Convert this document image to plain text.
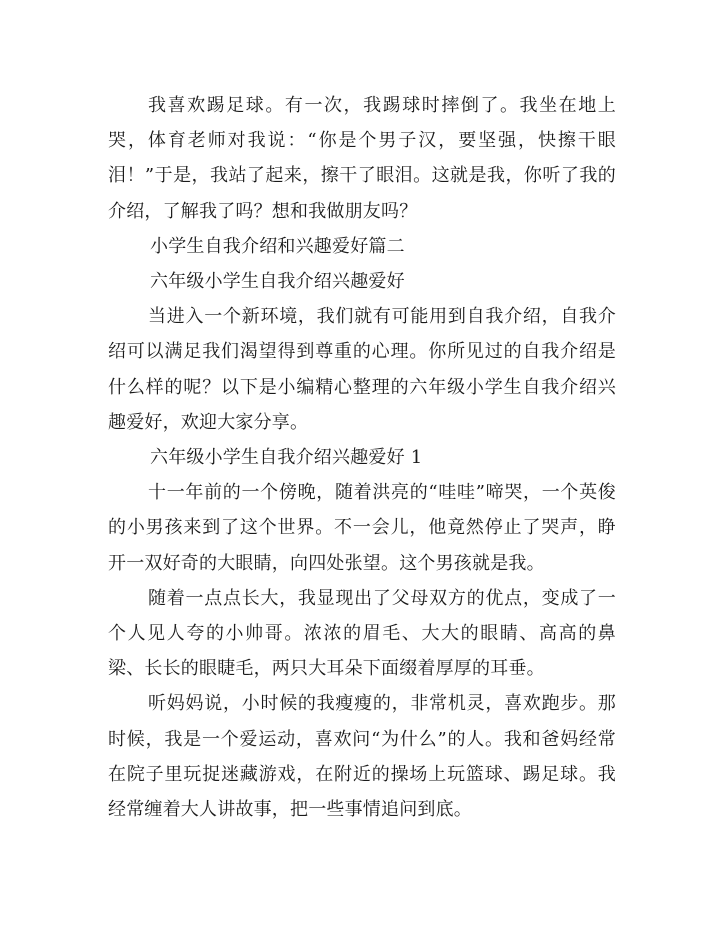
我喜欢踢足球。有一次，我踢球时摔倒了。我坐在地上哭，体育老师对我说：“你是个男子汉，要坚强，快擦干眼泪！”于是，我站了起来，擦干了眼泪。这就是我，你听了我的介绍，了解我了吗？想和我做朋友吗？

小学生自我介绍和兴趣爱好篇二

六年级小学生自我介绍兴趣爱好

当进入一个新环境，我们就有可能用到自我介绍，自我介绍可以满足我们渴望得到尊重的心理。你所见过的自我介绍是什么样的呢？以下是小编精心整理的六年级小学生自我介绍兴趣爱好，欢迎大家分享。

六年级小学生自我介绍兴趣爱好 1

十一年前的一个傍晚，随着洪亮的“哇哇”啼哭，一个英俊的小男孩来到了这个世界。不一会儿，他竟然停止了哭声，睁开一双好奇的大眼睛，向四处张望。这个男孩就是我。

随着一点点长大，我显现出了父母双方的优点，变成了一个人见人夸的小帅哥。浓浓的眉毛、大大的眼睛、高高的鼻梁、长长的眼睫毛，两只大耳朵下面缀着厚厚的耳垂。

听妈妈说，小时候的我瘦瘦的，非常机灵，喜欢跑步。那时候，我是一个爱运动，喜欢问“为什么”的人。我和爸妈经常在院子里玩捉迷藏游戏，在附近的操场上玩篮球、踢足球。我经常缠着大人讲故事，把一些事情追问到底。
